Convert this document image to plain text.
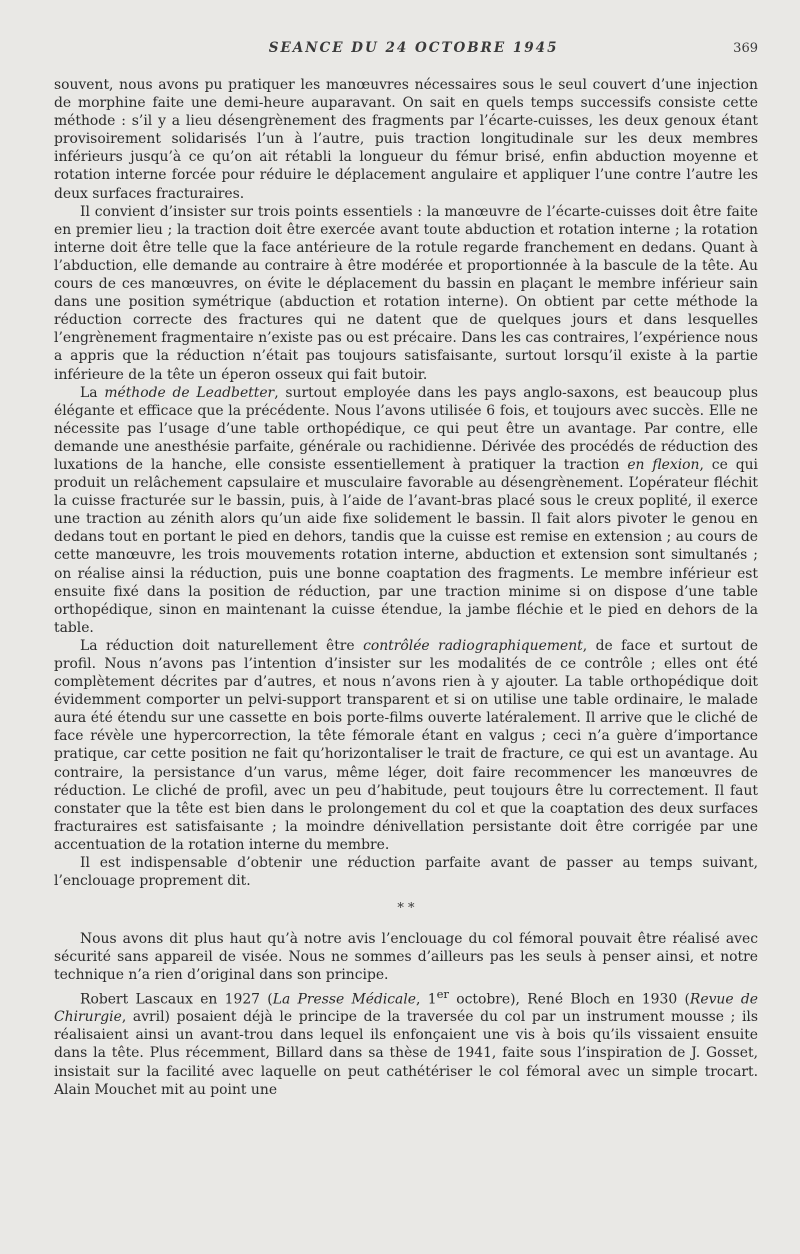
SEANCE DU 24 OCTOBRE 1945	369

souvent, nous avons pu pratiquer les manœuvres nécessaires sous le seul couvert d’une injection de morphine faite une demi-heure auparavant. On sait en quels temps successifs consiste cette méthode : s’il y a lieu désengrènement des fragments par l’écarte-cuisses, les deux genoux étant provisoirement solidarisés l’un à l’autre, puis traction longitudinale sur les deux membres inférieurs jusqu’à ce qu’on ait rétabli la longueur du fémur brisé, enfin abduction moyenne et rotation interne forcée pour réduire le déplacement angulaire et appliquer l’une contre l’autre les deux surfaces fracturaires.

Il convient d’insister sur trois points essentiels : la manœuvre de l’écarte-cuisses doit être faite en premier lieu ; la traction doit être exercée avant toute abduction et rotation interne ; la rotation interne doit être telle que la face antérieure de la rotule regarde franchement en dedans. Quant à l’abduction, elle demande au contraire à être modérée et proportionnée à la bascule de la tête. Au cours de ces manœuvres, on évite le déplacement du bassin en plaçant le membre inférieur sain dans une position symétrique (abduction et rotation interne). On obtient par cette méthode la réduction correcte des fractures qui ne datent que de quelques jours et dans lesquelles l’engrènement fragmentaire n’existe pas ou est précaire. Dans les cas contraires, l’expérience nous a appris que la réduction n’était pas toujours satisfaisante, surtout lorsqu’il existe à la partie inférieure de la tête un éperon osseux qui fait butoir.

La méthode de Leadbetter, surtout employée dans les pays anglo-saxons, est beaucoup plus élégante et efficace que la précédente. Nous l’avons utilisée 6 fois, et toujours avec succès. Elle ne nécessite pas l’usage d’une table orthopédique, ce qui peut être un avantage. Par contre, elle demande une anesthésie parfaite, générale ou rachidienne. Dérivée des procédés de réduction des luxations de la hanche, elle consiste essentiellement à pratiquer la traction en flexion, ce qui produit un relâchement capsulaire et musculaire favorable au désengrènement. L’opérateur fléchit la cuisse fracturée sur le bassin, puis, à l’aide de l’avant-bras placé sous le creux poplité, il exerce une traction au zénith alors qu’un aide fixe solidement le bassin. Il fait alors pivoter le genou en dedans tout en portant le pied en dehors, tandis que la cuisse est remise en extension ; au cours de cette manœuvre, les trois mouvements rotation interne, abduction et extension sont simultanés ; on réalise ainsi la réduction, puis une bonne coaptation des fragments. Le membre inférieur est ensuite fixé dans la position de réduction, par une traction minime si on dispose d’une table orthopédique, sinon en maintenant la cuisse étendue, la jambe fléchie et le pied en dehors de la table.

La réduction doit naturellement être contrôlée radiographiquement, de face et surtout de profil. Nous n’avons pas l’intention d’insister sur les modalités de ce contrôle ; elles ont été complètement décrites par d’autres, et nous n’avons rien à y ajouter. La table orthopédique doit évidemment comporter un pelvi-support transparent et si on utilise une table ordinaire, le malade aura été étendu sur une cassette en bois porte-films ouverte latéralement. Il arrive que le cliché de face révèle une hypercorrection, la tête fémorale étant en valgus ; ceci n’a guère d’importance pratique, car cette position ne fait qu’horizontaliser le trait de fracture, ce qui est un avantage. Au contraire, la persistance d’un varus, même léger, doit faire recommencer les manœuvres de réduction. Le cliché de profil, avec un peu d’habitude, peut toujours être lu correctement. Il faut constater que la tête est bien dans le prolongement du col et que la coaptation des deux surfaces fracturaires est satisfaisante ; la moindre dénivellation persistante doit être corrigée par une accentuation de la rotation interne du membre.

Il est indispensable d’obtenir une réduction parfaite avant de passer au temps suivant, l’enclouage proprement dit.

* *

Nous avons dit plus haut qu’à notre avis l’enclouage du col fémoral pouvait être réalisé avec sécurité sans appareil de visée. Nous ne sommes d’ailleurs pas les seuls à penser ainsi, et notre technique n’a rien d’original dans son principe.

Robert Lascaux en 1927 (La Presse Médicale, 1er octobre), René Bloch en 1930 (Revue de Chirurgie, avril) posaient déjà le principe de la traversée du col par un instrument mousse ; ils réalisaient ainsi un avant-trou dans lequel ils enfonçaient une vis à bois qu’ils vissaient ensuite dans la tête. Plus récemment, Billard dans sa thèse de 1941, faite sous l’inspiration de J. Gosset, insistait sur la facilité avec laquelle on peut cathétériser le col fémoral avec un simple trocart. Alain Mouchet mit au point une
